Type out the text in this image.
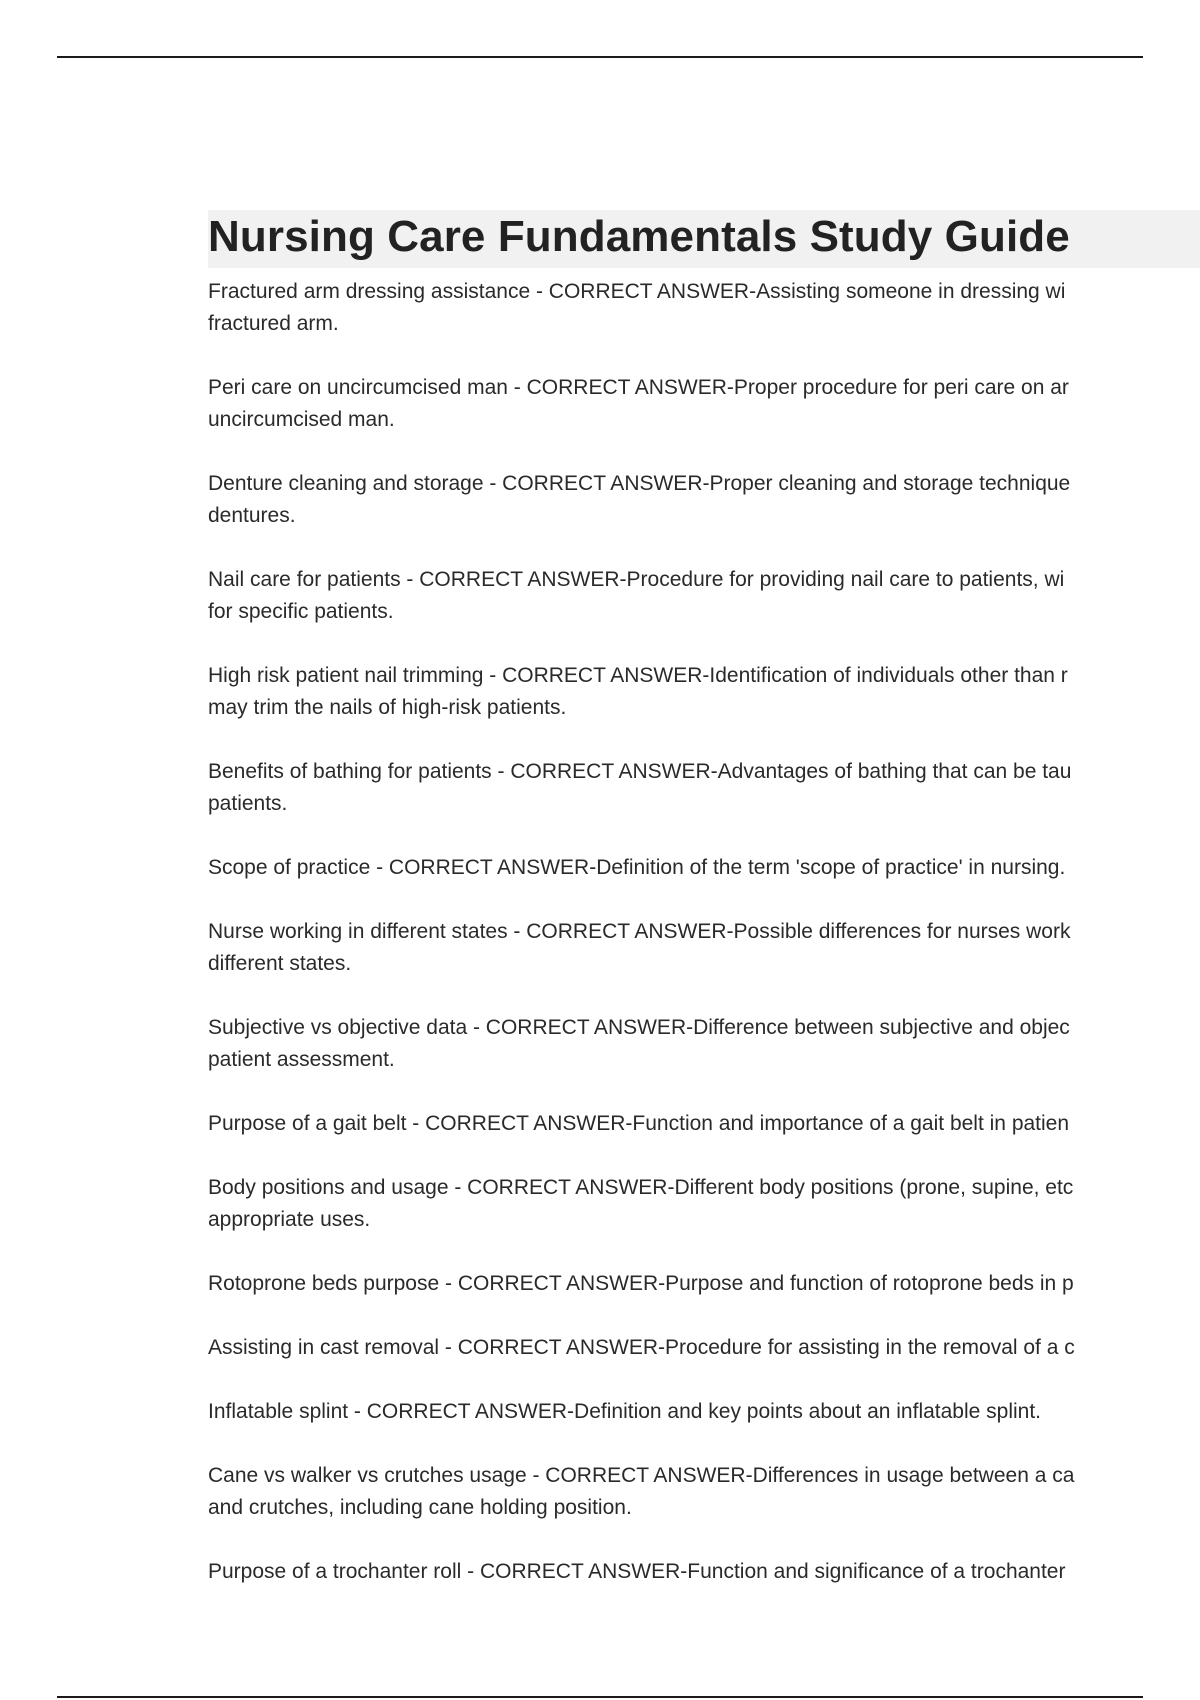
Nursing Care Fundamentals Study Guide
Fractured arm dressing assistance - CORRECT ANSWER-Assisting someone in dressing wi
fractured arm.
Peri care on uncircumcised man - CORRECT ANSWER-Proper procedure for peri care on ar
uncircumcised man.
Denture cleaning and storage - CORRECT ANSWER-Proper cleaning and storage technique
dentures.
Nail care for patients - CORRECT ANSWER-Procedure for providing nail care to patients, wi
for specific patients.
High risk patient nail trimming - CORRECT ANSWER-Identification of individuals other than r
may trim the nails of high-risk patients.
Benefits of bathing for patients - CORRECT ANSWER-Advantages of bathing that can be tau
patients.
Scope of practice - CORRECT ANSWER-Definition of the term 'scope of practice' in nursing.
Nurse working in different states - CORRECT ANSWER-Possible differences for nurses work
different states.
Subjective vs objective data - CORRECT ANSWER-Difference between subjective and objec
patient assessment.
Purpose of a gait belt - CORRECT ANSWER-Function and importance of a gait belt in patien
Body positions and usage - CORRECT ANSWER-Different body positions (prone, supine, etc
appropriate uses.
Rotoprone beds purpose - CORRECT ANSWER-Purpose and function of rotoprone beds in p
Assisting in cast removal - CORRECT ANSWER-Procedure for assisting in the removal of a c
Inflatable splint - CORRECT ANSWER-Definition and key points about an inflatable splint.
Cane vs walker vs crutches usage - CORRECT ANSWER-Differences in usage between a ca
and crutches, including cane holding position.
Purpose of a trochanter roll - CORRECT ANSWER-Function and significance of a trochanter
